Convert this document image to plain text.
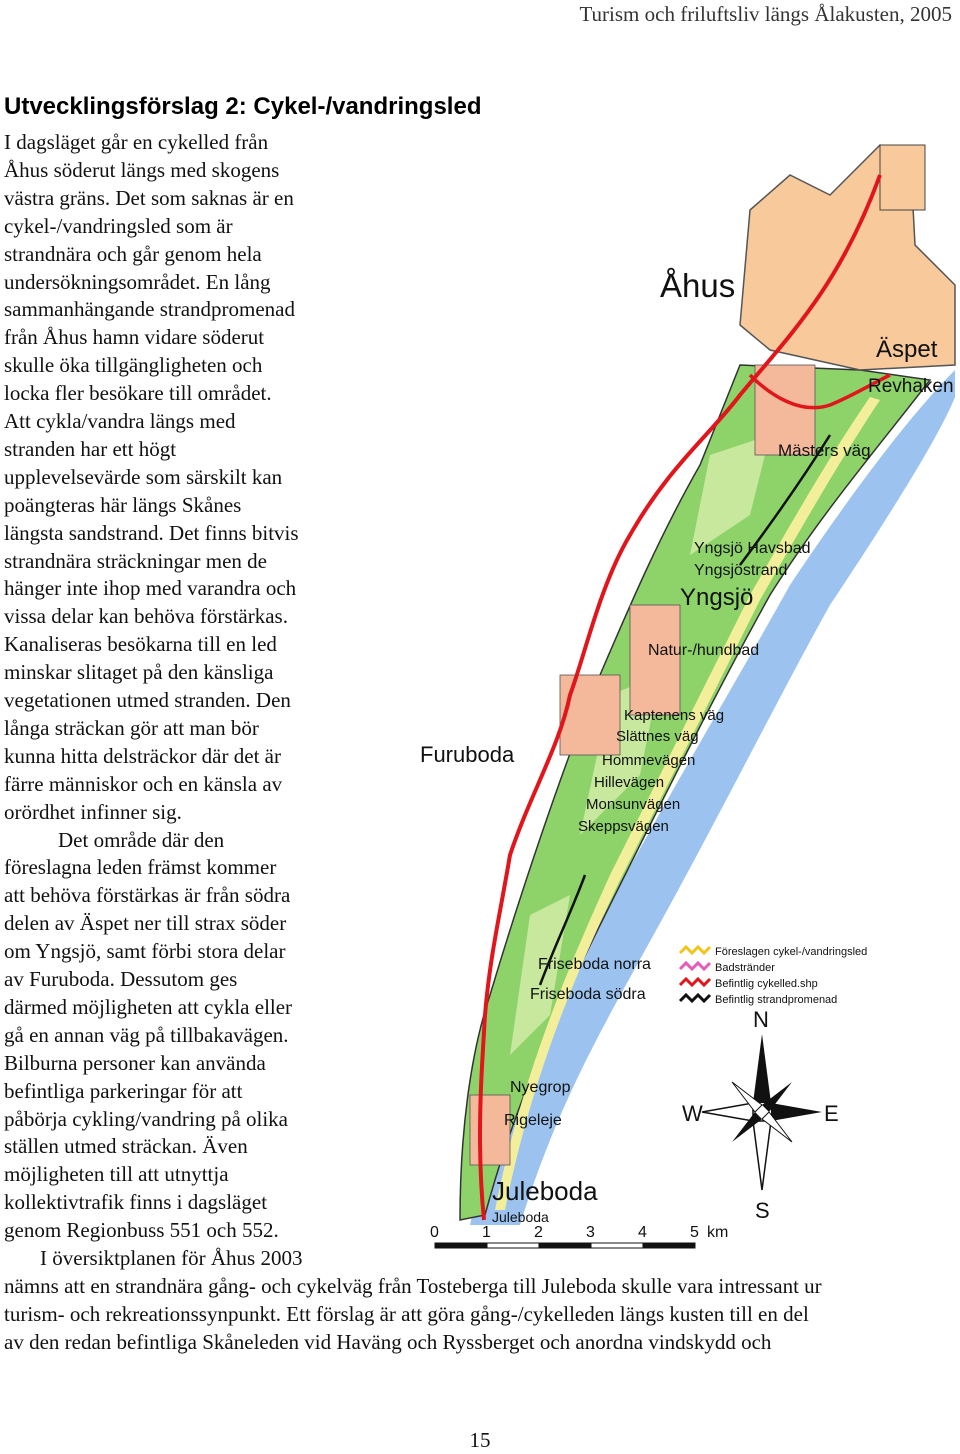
Turism och friluftsliv längs Ålakusten, 2005
Utvecklingsförslag 2: Cykel-/vandringsled
I dagsläget går en cykelled från
Åhus söderut längs med skogens
västra gräns. Det som saknas är en
cykel-/vandringsled som är
strandnära och går genom hela
undersökningsområdet. En lång
sammanhängande strandpromenad
från Åhus hamn vidare söderut
skulle öka tillgängligheten och
locka fler besökare till området.
Att cykla/vandra längs med
stranden har ett högt
upplevelsevärde som särskilt kan
poängteras här längs Skånes
längsta sandstrand. Det finns bitvis
strandnära sträckningar men de
hänger inte ihop med varandra och
vissa delar kan behöva förstärkas.
Kanaliseras besökarna till en led
minskar slitaget på den känsliga
vegetationen utmed stranden. Den
långa sträckan gör att man bör
kunna hitta delsträckor där det är
färre människor och en känsla av
orördhet infinner sig.
Det område där den
föreslagna leden främst kommer
att behöva förstärkas är från södra
delen av Äspet ner till strax söder
om Yngsjö, samt förbi stora delar
av Furuboda. Dessutom ges
därmed möjligheten att cykla eller
gå en annan väg på tillbakavägen.
Bilburna personer kan använda
befintliga parkeringar för att
påbörja cykling/vandring på olika
ställen utmed sträckan. Även
möjligheten till att utnyttja
kollektivtrafik finns i dagsläget
genom Regionbuss 551 och 552.
I översiktplanen för Åhus 2003
nämns att en strandnära gång- och cykelväg från Tosteberga till Juleboda skulle vara intressant ur
turism- och rekreationssynpunkt. Ett förslag är att göra gång-/cykelleden längs kusten till en del
av den redan befintliga Skåneleden vid Haväng och Ryssberget och anordna vindskydd och
Åhus
Äspet
Revhaken
Mästers väg
Yngsjö Havsbad
Yngsjöstrand
Yngsjö
Natur-/hundbad
Kaptenens väg
Slättnes väg
Furuboda	Hommevägen
Hillevägen
Monsunvägen
Skeppsvägen
Friseboda norra
Friseboda södra
Nyegrop
Rigeleje
Juleboda
Juleboda
Föreslagen cykel-/vandringsled
Badstränder
Befintlig cykelled.shp
Befintlig strandpromenad
N
S
E
W
0	1	2	3	4	5 km
15
